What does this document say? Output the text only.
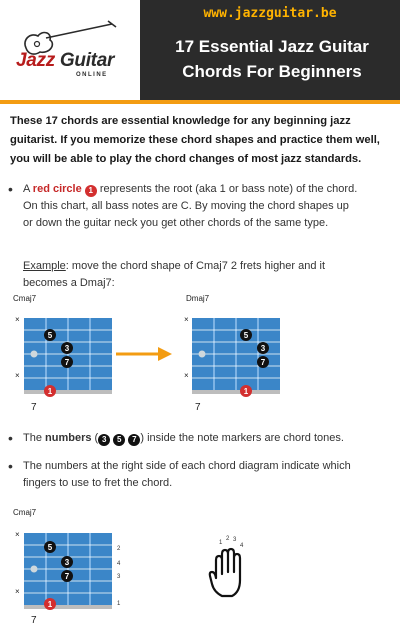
Jazz Guitar
ONLINE
www.jazzguitar.be
17 Essential Jazz Guitar
Chords For Beginners
These 17 chords are essential knowledge for any beginning jazz guitarist. If you memorize these chord shapes and practice them well, you will be able to play the chord changes of most jazz standards.
• A red circle 1 represents the root (aka 1 or bass note) of the chord.
On this chart, all bass notes are C. By moving the chord shapes up
or down the guitar neck you get other chords of the same type.
Example: move the chord shape of Cmaj7 2 frets higher and it
becomes a Dmaj7:
Cmaj7
×
×
5
3
7
1
7
Dmaj7
×
×
5
3
7
1
7
• The numbers ( 3 5 7 ) inside the note markers are chord tones.
• The numbers at the right side of each chord diagram indicate which
fingers to use to fret the chord.
Cmaj7
×
×
5
3
7
1
2
4
3
1
7
1
2 3
4
